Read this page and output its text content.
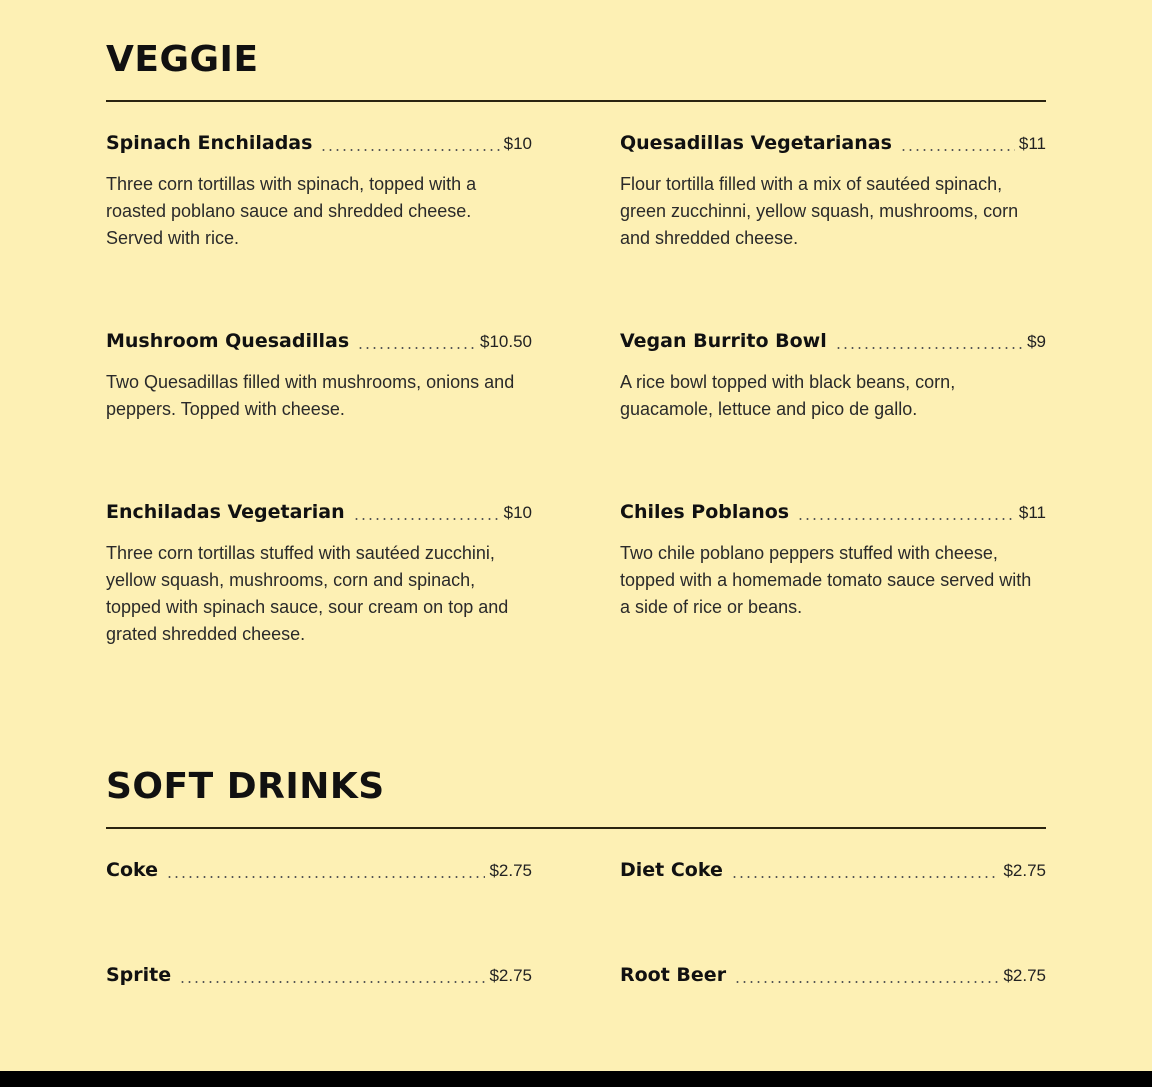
VEGGIE
Spinach Enchiladas	$10
Three corn tortillas with spinach, topped with a roasted poblano sauce and shredded cheese. Served with rice.
Quesadillas Vegetarianas	$11
Flour tortilla filled with a mix of sautéed spinach, green zucchinni, yellow squash, mushrooms, corn and shredded cheese.
Mushroom Quesadillas	$10.50
Two Quesadillas filled with mushrooms, onions and peppers. Topped with cheese.
Vegan Burrito Bowl	$9
A rice bowl topped with black beans, corn, guacamole, lettuce and pico de gallo.
Enchiladas Vegetarian	$10
Three corn tortillas stuffed with sautéed zucchini, yellow squash, mushrooms, corn and spinach, topped with spinach sauce, sour cream on top and grated shredded cheese.
Chiles Poblanos	$11
Two chile poblano peppers stuffed with cheese, topped with a homemade tomato sauce served with a side of rice or beans.
SOFT DRINKS
Coke	$2.75	Diet Coke	$2.75
Sprite	$2.75	Root Beer	$2.75
